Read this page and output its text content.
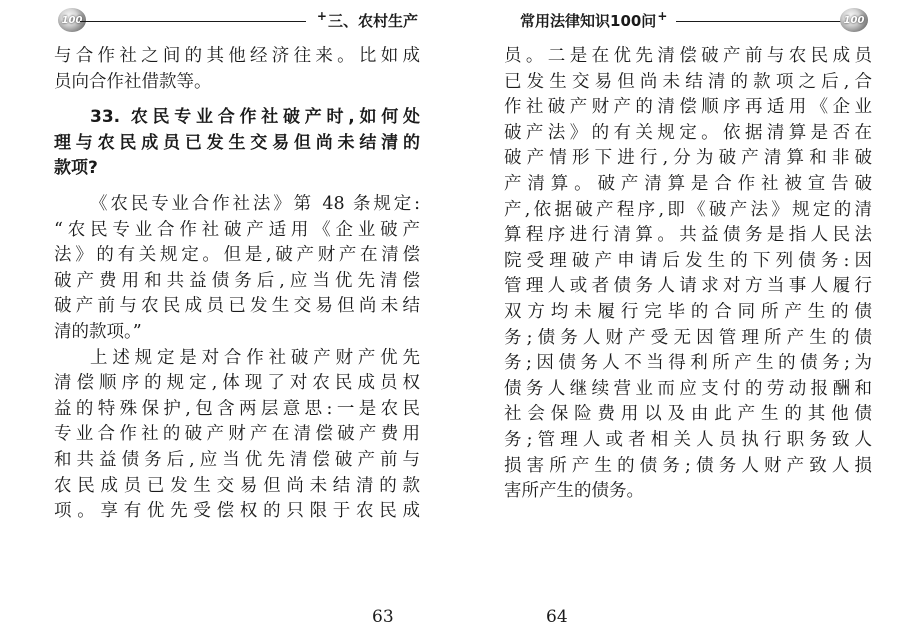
100	+三、农村生产
与合作社之间的其他经济往来。比如成
员向合作社借款等。
33. 农民专业合作社破产时,如何处
理与农民成员已发生交易但尚未结清的
款项?
《农民专业合作社法》第 48 条规定:
“农民专业合作社破产适用《企业破产
法》的有关规定。但是,破产财产在清偿
破产费用和共益债务后,应当优先清偿
破产前与农民成员已发生交易但尚未结
清的款项。”
上述规定是对合作社破产财产优先
清偿顺序的规定,体现了对农民成员权
益的特殊保护,包含两层意思:一是农民
专业合作社的破产财产在清偿破产费用
和共益债务后,应当优先清偿破产前与
农民成员已发生交易但尚未结清的款
项。享有优先受偿权的只限于农民成
63
常用法律知识100问+	100
员。二是在优先清偿破产前与农民成员
已发生交易但尚未结清的款项之后,合
作社破产财产的清偿顺序再适用《企业
破产法》的有关规定。依据清算是否在
破产情形下进行,分为破产清算和非破
产清算。破产清算是合作社被宣告破
产,依据破产程序,即《破产法》规定的清
算程序进行清算。共益债务是指人民法
院受理破产申请后发生的下列债务:因
管理人或者债务人请求对方当事人履行
双方均未履行完毕的合同所产生的债
务;债务人财产受无因管理所产生的债
务;因债务人不当得利所产生的债务;为
债务人继续营业而应支付的劳动报酬和
社会保险费用以及由此产生的其他债
务;管理人或者相关人员执行职务致人
损害所产生的债务;债务人财产致人损
害所产生的债务。
64
